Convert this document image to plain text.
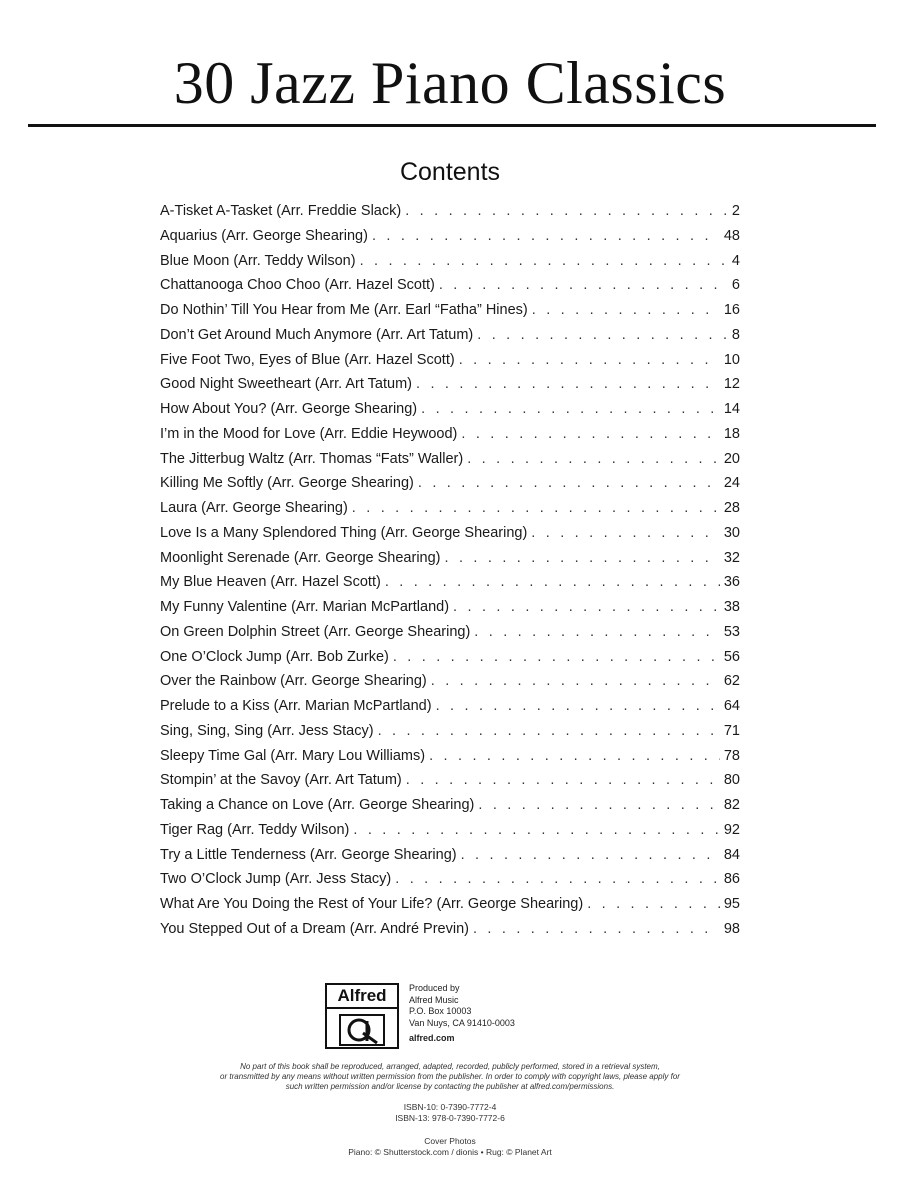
30 Jazz Piano Classics
Contents
A-Tisket A-Tasket (Arr. Freddie Slack) . . .	2
Aquarius (Arr. George Shearing) . . .	48
Blue Moon (Arr. Teddy Wilson) . . .	4
Chattanooga Choo Choo (Arr. Hazel Scott) . . .	6
Do Nothin’ Till You Hear from Me (Arr. Earl “Fatha” Hines) . . .	16
Don’t Get Around Much Anymore (Arr. Art Tatum) . . .	8
Five Foot Two, Eyes of Blue (Arr. Hazel Scott) . . .	10
Good Night Sweetheart (Arr. Art Tatum) . . .	12
How About You? (Arr. George Shearing) . . .	14
I’m in the Mood for Love (Arr. Eddie Heywood) . . .	18
The Jitterbug Waltz (Arr. Thomas “Fats” Waller) . . .	20
Killing Me Softly (Arr. George Shearing) . . .	24
Laura (Arr. George Shearing) . . .	28
Love Is a Many Splendored Thing (Arr. George Shearing) . . .	30
Moonlight Serenade (Arr. George Shearing) . . .	32
My Blue Heaven (Arr. Hazel Scott) . . .	36
My Funny Valentine (Arr. Marian McPartland) . . .	38
On Green Dolphin Street (Arr. George Shearing) . . .	53
One O’Clock Jump (Arr. Bob Zurke) . . .	56
Over the Rainbow (Arr. George Shearing) . . .	62
Prelude to a Kiss (Arr. Marian McPartland) . . .	64
Sing, Sing, Sing (Arr. Jess Stacy) . . .	71
Sleepy Time Gal (Arr. Mary Lou Williams) . . .	78
Stompin’ at the Savoy (Arr. Art Tatum) . . .	80
Taking a Chance on Love (Arr. George Shearing) . . .	82
Tiger Rag (Arr. Teddy Wilson) . . .	92
Try a Little Tenderness (Arr. George Shearing) . . .	84
Two O’Clock Jump (Arr. Jess Stacy) . . .	86
What Are You Doing the Rest of Your Life? (Arr. George Shearing) . . .	95
You Stepped Out of a Dream (Arr. André Previn) . . .	98
Alfred	Produced by
Alfred Music
P.O. Box 10003
Van Nuys, CA 91410-0003
alfred.com
No part of this book shall be reproduced, arranged, adapted, recorded, publicly performed, stored in a retrieval system,
or transmitted by any means without written permission from the publisher. In order to comply with copyright laws, please apply for
such written permission and/or license by contacting the publisher at alfred.com/permissions.
ISBN-10: 0-7390-7772-4
ISBN-13: 978-0-7390-7772-6
Cover Photos
Piano: © Shutterstock.com / dionis • Rug: © Planet Art
